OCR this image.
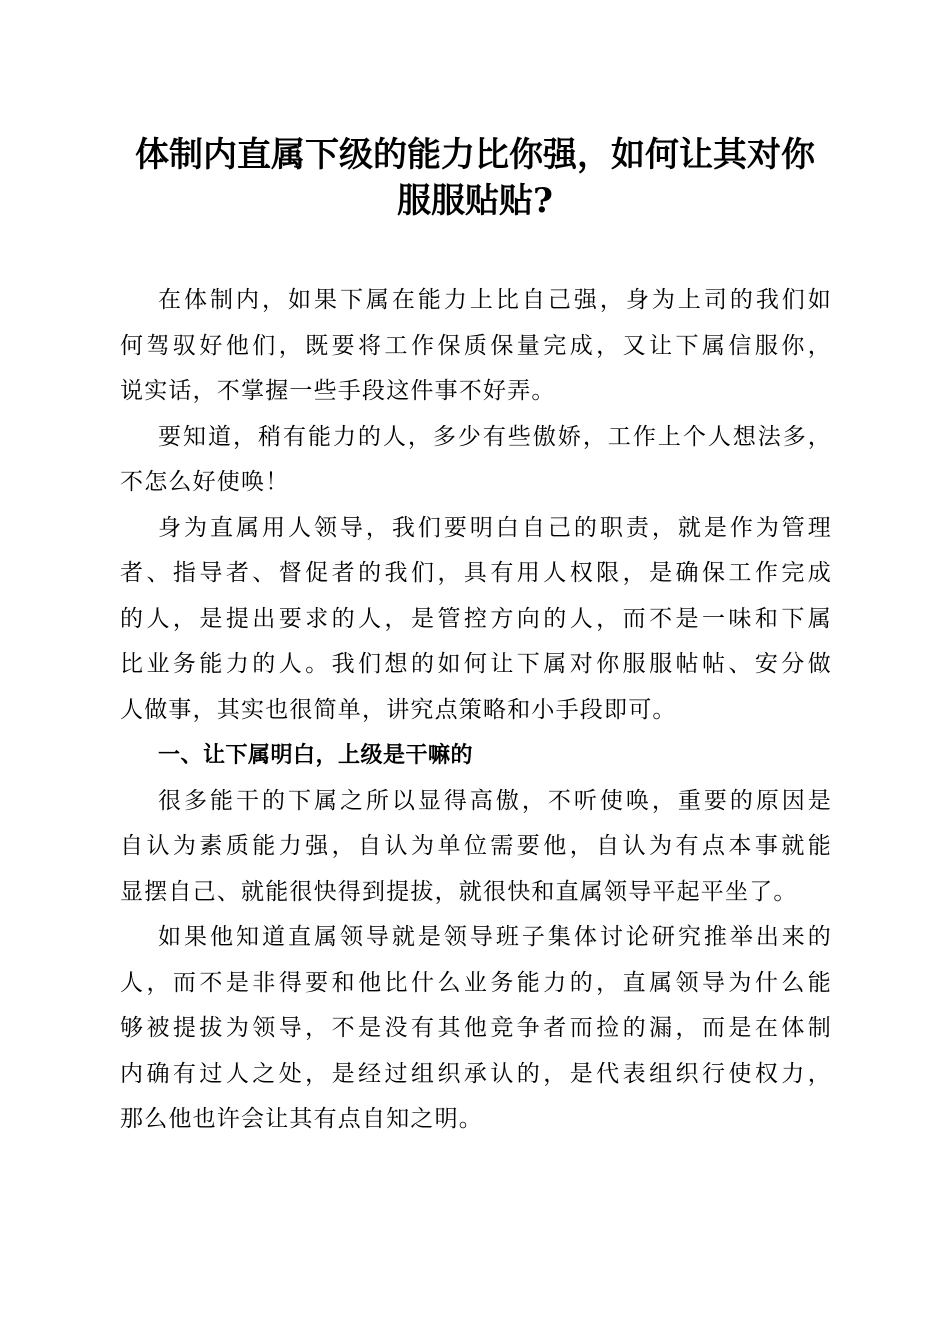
体制内直属下级的能力比你强，如何让其对你
服服贴贴?

在体制内，如果下属在能力上比自己强，身为上司的我们如
何驾驭好他们，既要将工作保质保量完成，又让下属信服你，
说实话，不掌握一些手段这件事不好弄。

要知道，稍有能力的人，多少有些傲娇，工作上个人想法多，
不怎么好使唤！

身为直属用人领导，我们要明白自己的职责，就是作为管理
者、指导者、督促者的我们，具有用人权限，是确保工作完成
的人，是提出要求的人，是管控方向的人，而不是一味和下属
比业务能力的人。我们想的如何让下属对你服服帖帖、安分做
人做事，其实也很简单，讲究点策略和小手段即可。

一、让下属明白，上级是干嘛的

很多能干的下属之所以显得高傲，不听使唤，重要的原因是
自认为素质能力强，自认为单位需要他，自认为有点本事就能
显摆自己、就能很快得到提拔，就很快和直属领导平起平坐了。

如果他知道直属领导就是领导班子集体讨论研究推举出来的
人，而不是非得要和他比什么业务能力的，直属领导为什么能
够被提拔为领导，不是没有其他竞争者而捡的漏，而是在体制
内确有过人之处，是经过组织承认的，是代表组织行使权力，
那么他也许会让其有点自知之明。
